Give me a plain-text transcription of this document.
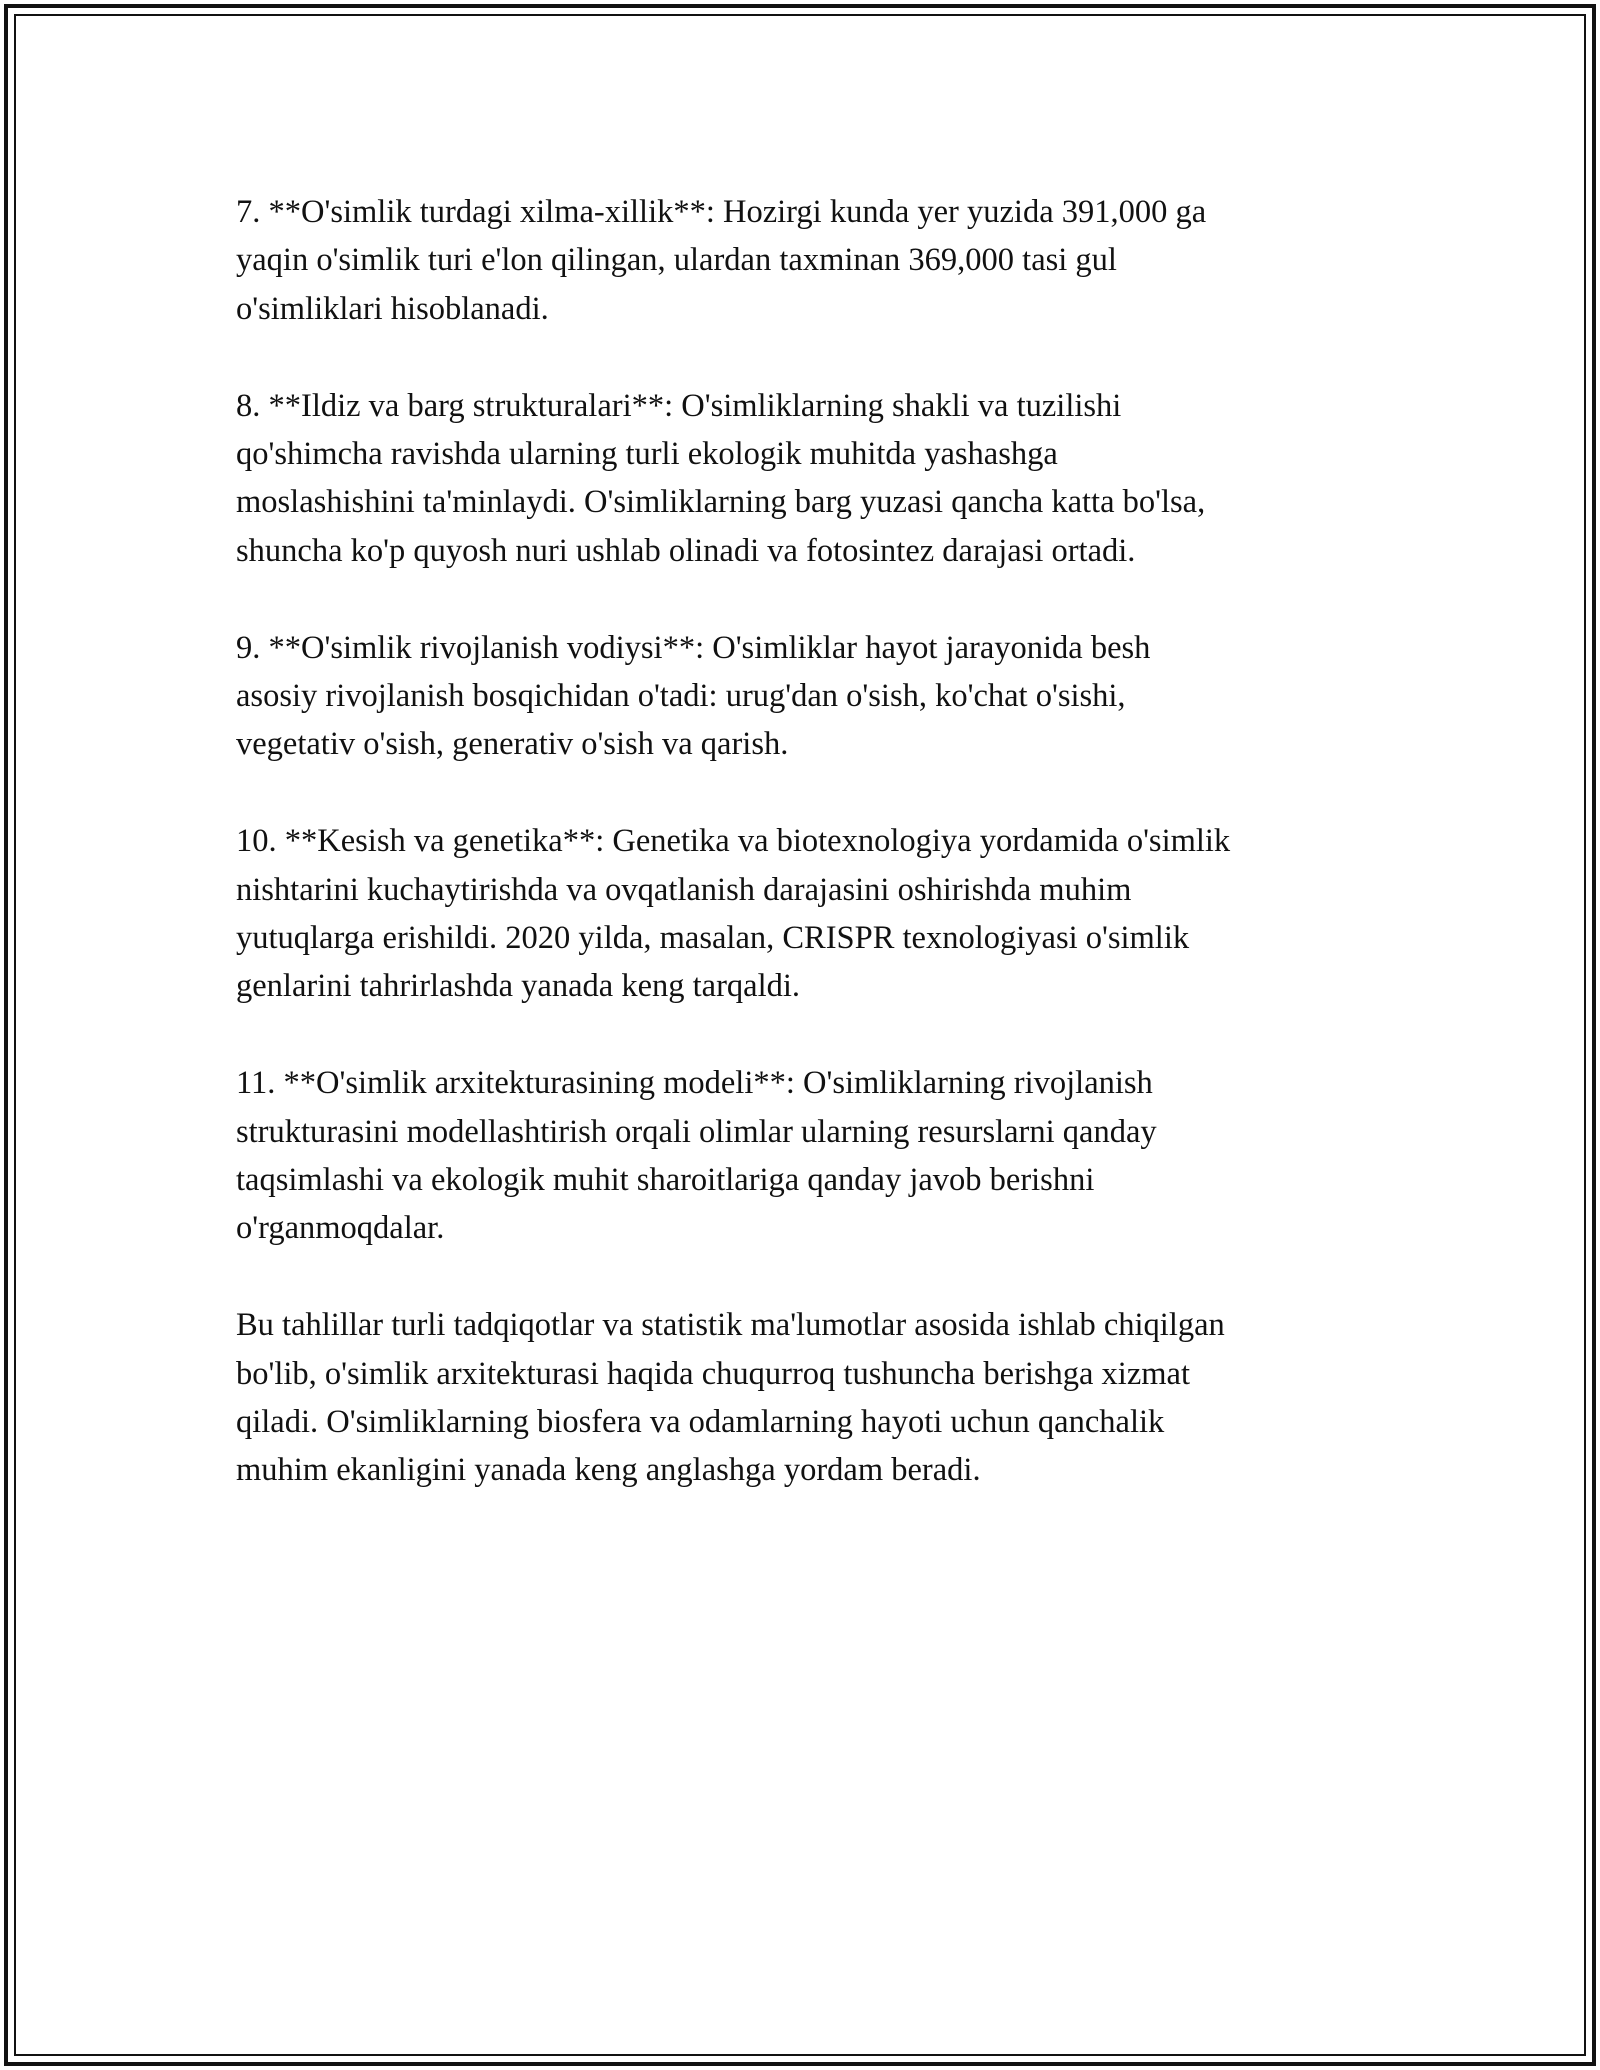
7. **O'simlik turdagi xilma-xillik**: Hozirgi kunda yer yuzida 391,000 ga
yaqin o'simlik turi e'lon qilingan, ulardan taxminan 369,000 tasi gul
o'simliklari hisoblanadi.

8. **Ildiz va barg strukturalari**: O'simliklarning shakli va tuzilishi
qo'shimcha ravishda ularning turli ekologik muhitda yashashga
moslashishini ta'minlaydi. O'simliklarning barg yuzasi qancha katta bo'lsa,
shuncha ko'p quyosh nuri ushlab olinadi va fotosintez darajasi ortadi.

9. **O'simlik rivojlanish vodiysi**: O'simliklar hayot jarayonida besh
asosiy rivojlanish bosqichidan o'tadi: urug'dan o'sish, ko'chat o'sishi,
vegetativ o'sish, generativ o'sish va qarish.

10. **Kesish va genetika**: Genetika va biotexnologiya yordamida o'simlik
nishtarini kuchaytirishda va ovqatlanish darajasini oshirishda muhim
yutuqlarga erishildi. 2020 yilda, masalan, CRISPR texnologiyasi o'simlik
genlarini tahrirlashda yanada keng tarqaldi.

11. **O'simlik arxitekturasining modeli**: O'simliklarning rivojlanish
strukturasini modellashtirish orqali olimlar ularning resurslarni qanday
taqsimlashi va ekologik muhit sharoitlariga qanday javob berishni
o'rganmoqdalar.

Bu tahlillar turli tadqiqotlar va statistik ma'lumotlar asosida ishlab chiqilgan
bo'lib, o'simlik arxitekturasi haqida chuqurroq tushuncha berishga xizmat
qiladi. O'simliklarning biosfera va odamlarning hayoti uchun qanchalik
muhim ekanligini yanada keng anglashga yordam beradi.
